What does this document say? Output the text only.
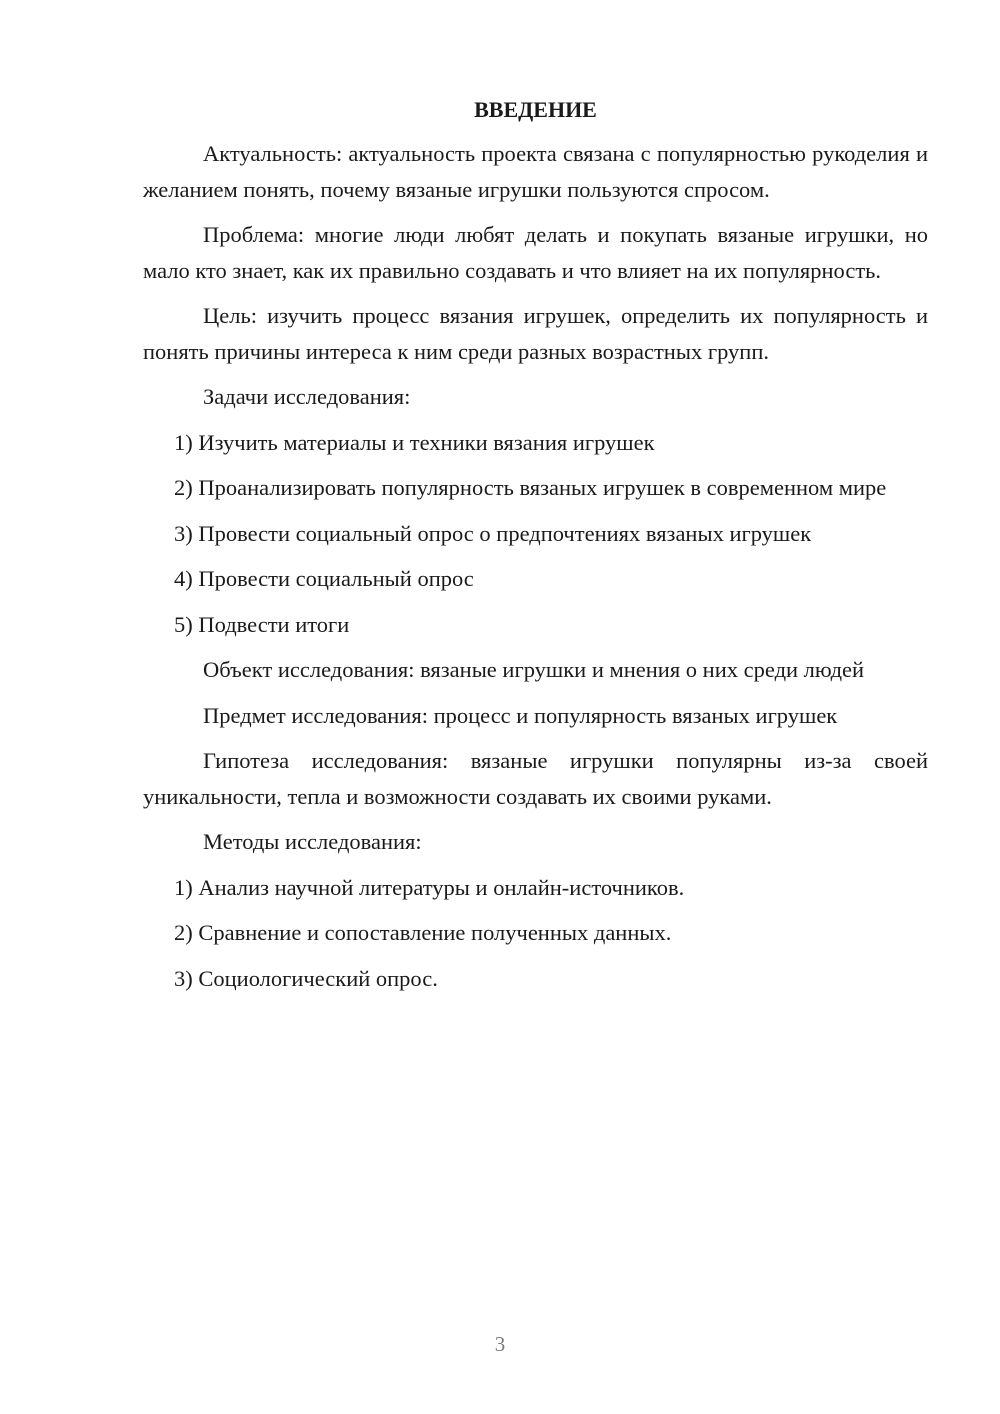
ВВЕДЕНИЕ

Актуальность: актуальность проекта связана с популярностью рукоделия и желанием понять, почему вязаные игрушки пользуются спросом.

Проблема: многие люди любят делать и покупать вязаные игрушки, но мало кто знает, как их правильно создавать и что влияет на их популярность.

Цель: изучить процесс вязания игрушек, определить их популярность и понять причины интереса к ним среди разных возрастных групп.

Задачи исследования:

1) Изучить материалы и техники вязания игрушек

2) Проанализировать популярность вязаных игрушек в современном мире

3) Провести социальный опрос о предпочтениях вязаных игрушек

4) Провести социальный опрос

5) Подвести итоги

Объект исследования: вязаные игрушки и мнения о них среди людей

Предмет исследования: процесс и популярность вязаных игрушек

Гипотеза исследования: вязаные игрушки популярны из-за своей уникальности, тепла и возможности создавать их своими руками.

Методы исследования:

1) Анализ научной литературы и онлайн-источников.

2) Сравнение и сопоставление полученных данных.

3) Социологический опрос.

3
